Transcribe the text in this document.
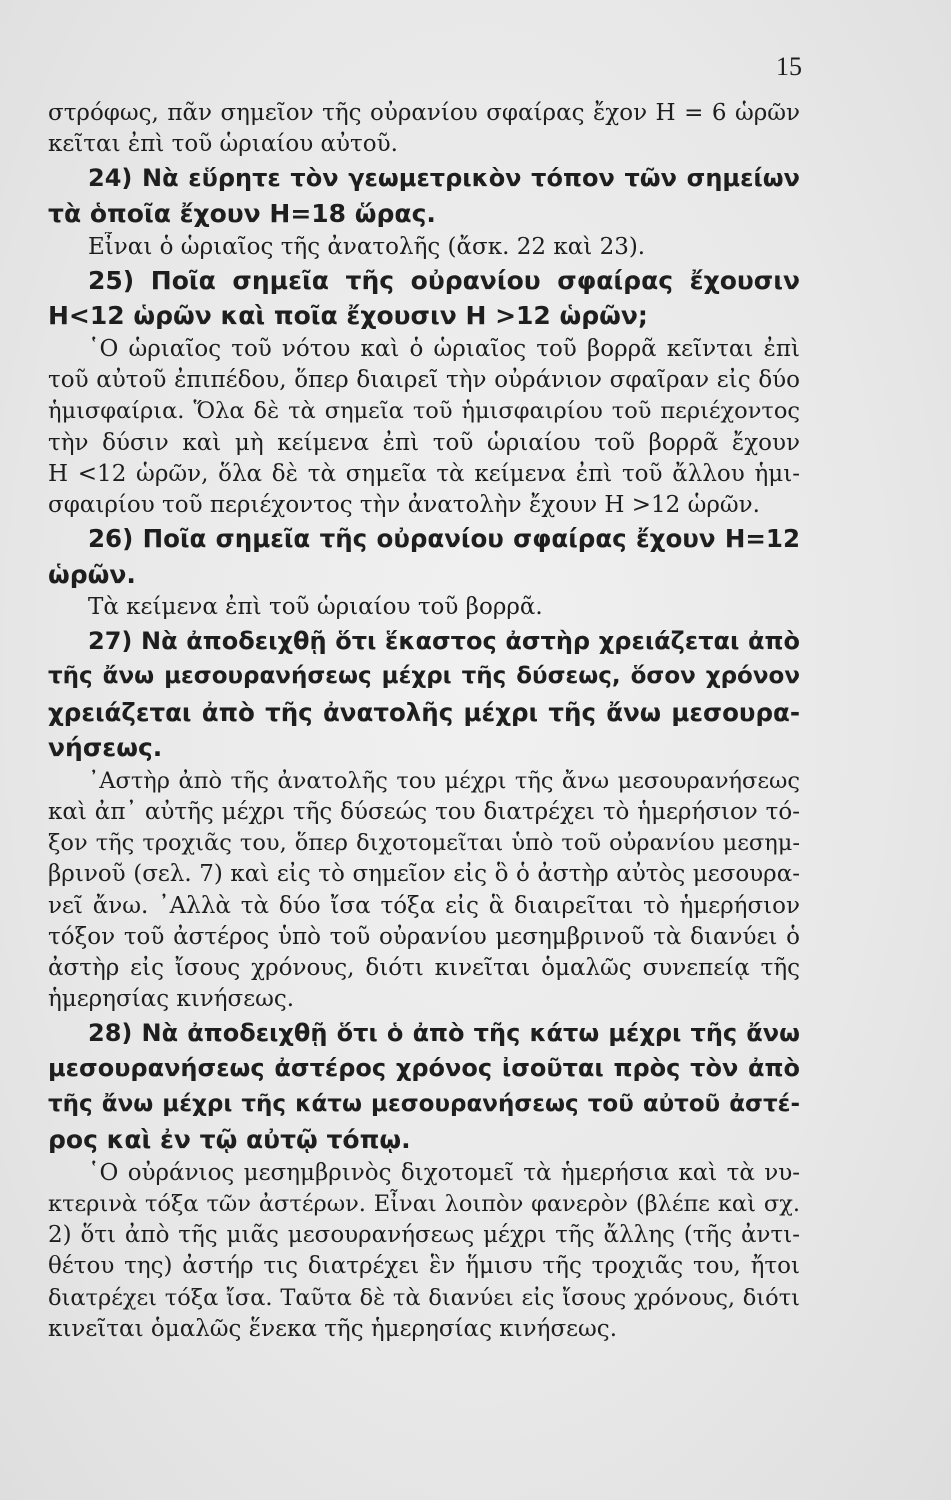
15
στρόφως, πᾶν σημεῖον τῆς οὐρανίου σφαίρας ἔχον Η = 6 ὡρῶν
κεῖται ἐπὶ τοῦ ὡριαίου αὐτοῦ.
24) Νὰ εὕρητε τὸν γεωμετρικὸν τόπον τῶν σημείων
τὰ ὁποῖα ἔχουν Η=18 ὥρας.
Εἶναι ὁ ὡριαῖος τῆς ἀνατολῆς (ἄσκ. 22 καὶ 23).
25) Ποῖα σημεῖα τῆς οὐρανίου σφαίρας ἔχουσιν
Η<12 ὡρῶν καὶ ποῖα ἔχουσιν Η >12 ὡρῶν;
῾Ο ὡριαῖος τοῦ νότου καὶ ὁ ὡριαῖος τοῦ βορρᾶ κεῖνται ἐπὶ
τοῦ αὐτοῦ ἐπιπέδου, ὅπερ διαιρεῖ τὴν οὐράνιον σφαῖραν εἰς δύο
ἡμισφαίρια. Ὅλα δὲ τὰ σημεῖα τοῦ ἡμισφαιρίου τοῦ περιέχοντος
τὴν δύσιν καὶ μὴ κείμενα ἐπὶ τοῦ ὡριαίου τοῦ βορρᾶ ἔχουν
Η <12 ὡρῶν, ὅλα δὲ τὰ σημεῖα τὰ κείμενα ἐπὶ τοῦ ἄλλου ἡμι-
σφαιρίου τοῦ περιέχοντος τὴν ἀνατολὴν ἔχουν Η >12 ὡρῶν.
26) Ποῖα σημεῖα τῆς οὐρανίου σφαίρας ἔχουν Η=12
ὡρῶν.
Τὰ κείμενα ἐπὶ τοῦ ὡριαίου τοῦ βορρᾶ.
27) Νὰ ἀποδειχθῇ ὅτι ἕκαστος ἀστὴρ χρειάζεται ἀπὸ
τῆς ἄνω μεσουρανήσεως μέχρι τῆς δύσεως, ὅσον χρόνον
χρειάζεται ἀπὸ τῆς ἀνατολῆς μέχρι τῆς ἄνω μεσουρα-
νήσεως.
᾿Αστὴρ ἀπὸ τῆς ἀνατολῆς του μέχρι τῆς ἄνω μεσουρανήσεως
καὶ ἀπ᾿ αὐτῆς μέχρι τῆς δύσεώς του διατρέχει τὸ ἡμερήσιον τό-
ξον τῆς τροχιᾶς του, ὅπερ διχοτομεῖται ὑπὸ τοῦ οὐρανίου μεσημ-
βρινοῦ (σελ. 7) καὶ εἰς τὸ σημεῖον εἰς ὃ ὁ ἀστὴρ αὐτὸς μεσουρα-
νεῖ ἄνω. ᾿Αλλὰ τὰ δύο ἴσα τόξα εἰς ἃ διαιρεῖται τὸ ἡμερήσιον
τόξον τοῦ ἀστέρος ὑπὸ τοῦ οὐρανίου μεσημβρινοῦ τὰ διανύει ὁ
ἀστὴρ εἰς ἴσους χρόνους, διότι κινεῖται ὁμαλῶς συνεπείᾳ τῆς
ἡμερησίας κινήσεως.
28) Νὰ ἀποδειχθῇ ὅτι ὁ ἀπὸ τῆς κάτω μέχρι τῆς ἄνω
μεσουρανήσεως ἀστέρος χρόνος ἰσοῦται πρὸς τὸν ἀπὸ
τῆς ἄνω μέχρι τῆς κάτω μεσουρανήσεως τοῦ αὐτοῦ ἀστέ-
ρος καὶ ἐν τῷ αὐτῷ τόπῳ.
῾Ο οὐράνιος μεσημβρινὸς διχοτομεῖ τὰ ἡμερήσια καὶ τὰ νυ-
κτερινὰ τόξα τῶν ἀστέρων. Εἶναι λοιπὸν φανερὸν (βλέπε καὶ σχ.
2) ὅτι ἀπὸ τῆς μιᾶς μεσουρανήσεως μέχρι τῆς ἄλλης (τῆς ἀντι-
θέτου της) ἀστήρ τις διατρέχει ἓν ἥμισυ τῆς τροχιᾶς του, ἤτοι
διατρέχει τόξα ἴσα. Ταῦτα δὲ τὰ διανύει εἰς ἴσους χρόνους, διότι
κινεῖται ὁμαλῶς ἕνεκα τῆς ἡμερησίας κινήσεως.
